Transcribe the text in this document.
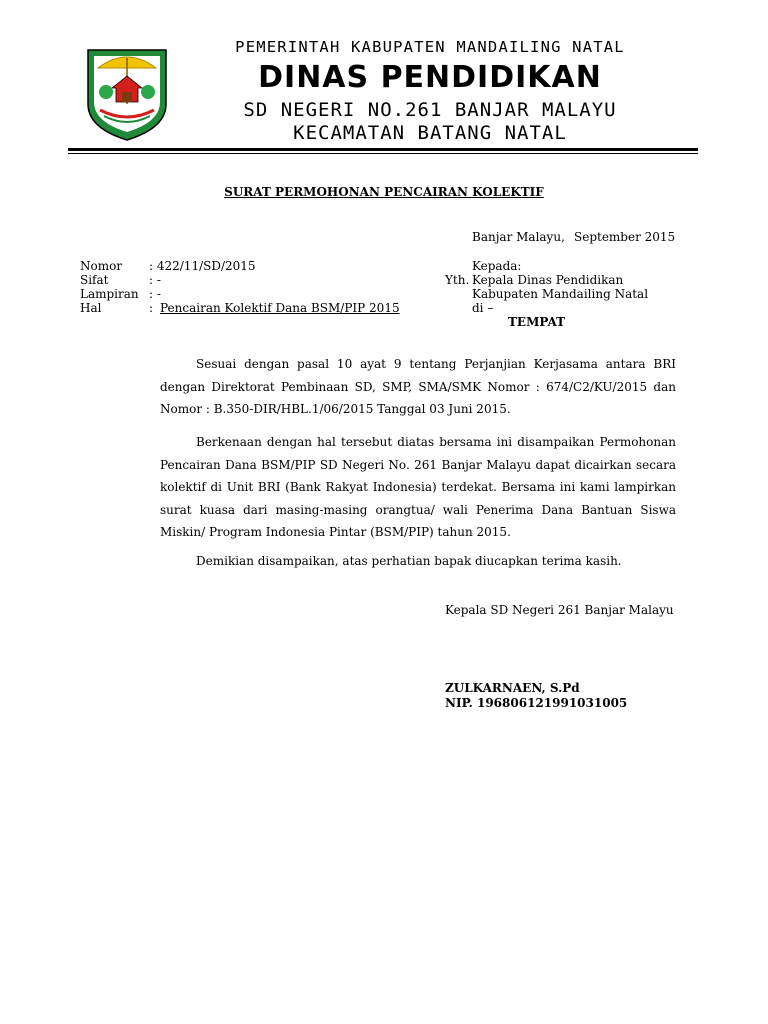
PEMERINTAH KABUPATEN MANDAILING NATAL
DINAS PENDIDIKAN
SD NEGERI NO.261 BANJAR MALAYU
KECAMATAN BATANG NATAL
SURAT PERMOHONAN PENCAIRAN KOLEKTIF
Banjar Malayu, September 2015
Nomor : 422/11/SD/2015
Sifat	: -
Lampiran : -
Hal	: Pencairan Kolektif Dana BSM/PIP 2015
Kepada:
Yth. Kepala Dinas Pendidikan
Kabupaten Mandailing Natal
di –
TEMPAT
Sesuai dengan pasal 10 ayat 9 tentang Perjanjian Kerjasama antara BRI dengan Direktorat Pembinaan SD, SMP, SMA/SMK Nomor : 674/C2/KU/2015 dan Nomor : B.350-DIR/HBL.1/06/2015 Tanggal 03 Juni 2015.
Berkenaan dengan hal tersebut diatas bersama ini disampaikan Permohonan Pencairan Dana BSM/PIP SD Negeri No. 261 Banjar Malayu dapat dicairkan secara kolektif di Unit BRI (Bank Rakyat Indonesia) terdekat. Bersama ini kami lampirkan surat kuasa dari masing-masing orangtua/ wali Penerima Dana Bantuan Siswa Miskin/ Program Indonesia Pintar (BSM/PIP) tahun 2015.
Demikian disampaikan, atas perhatian bapak diucapkan terima kasih.
Kepala SD Negeri 261 Banjar Malayu
ZULKARNAEN, S.Pd
NIP. 196806121991031005
